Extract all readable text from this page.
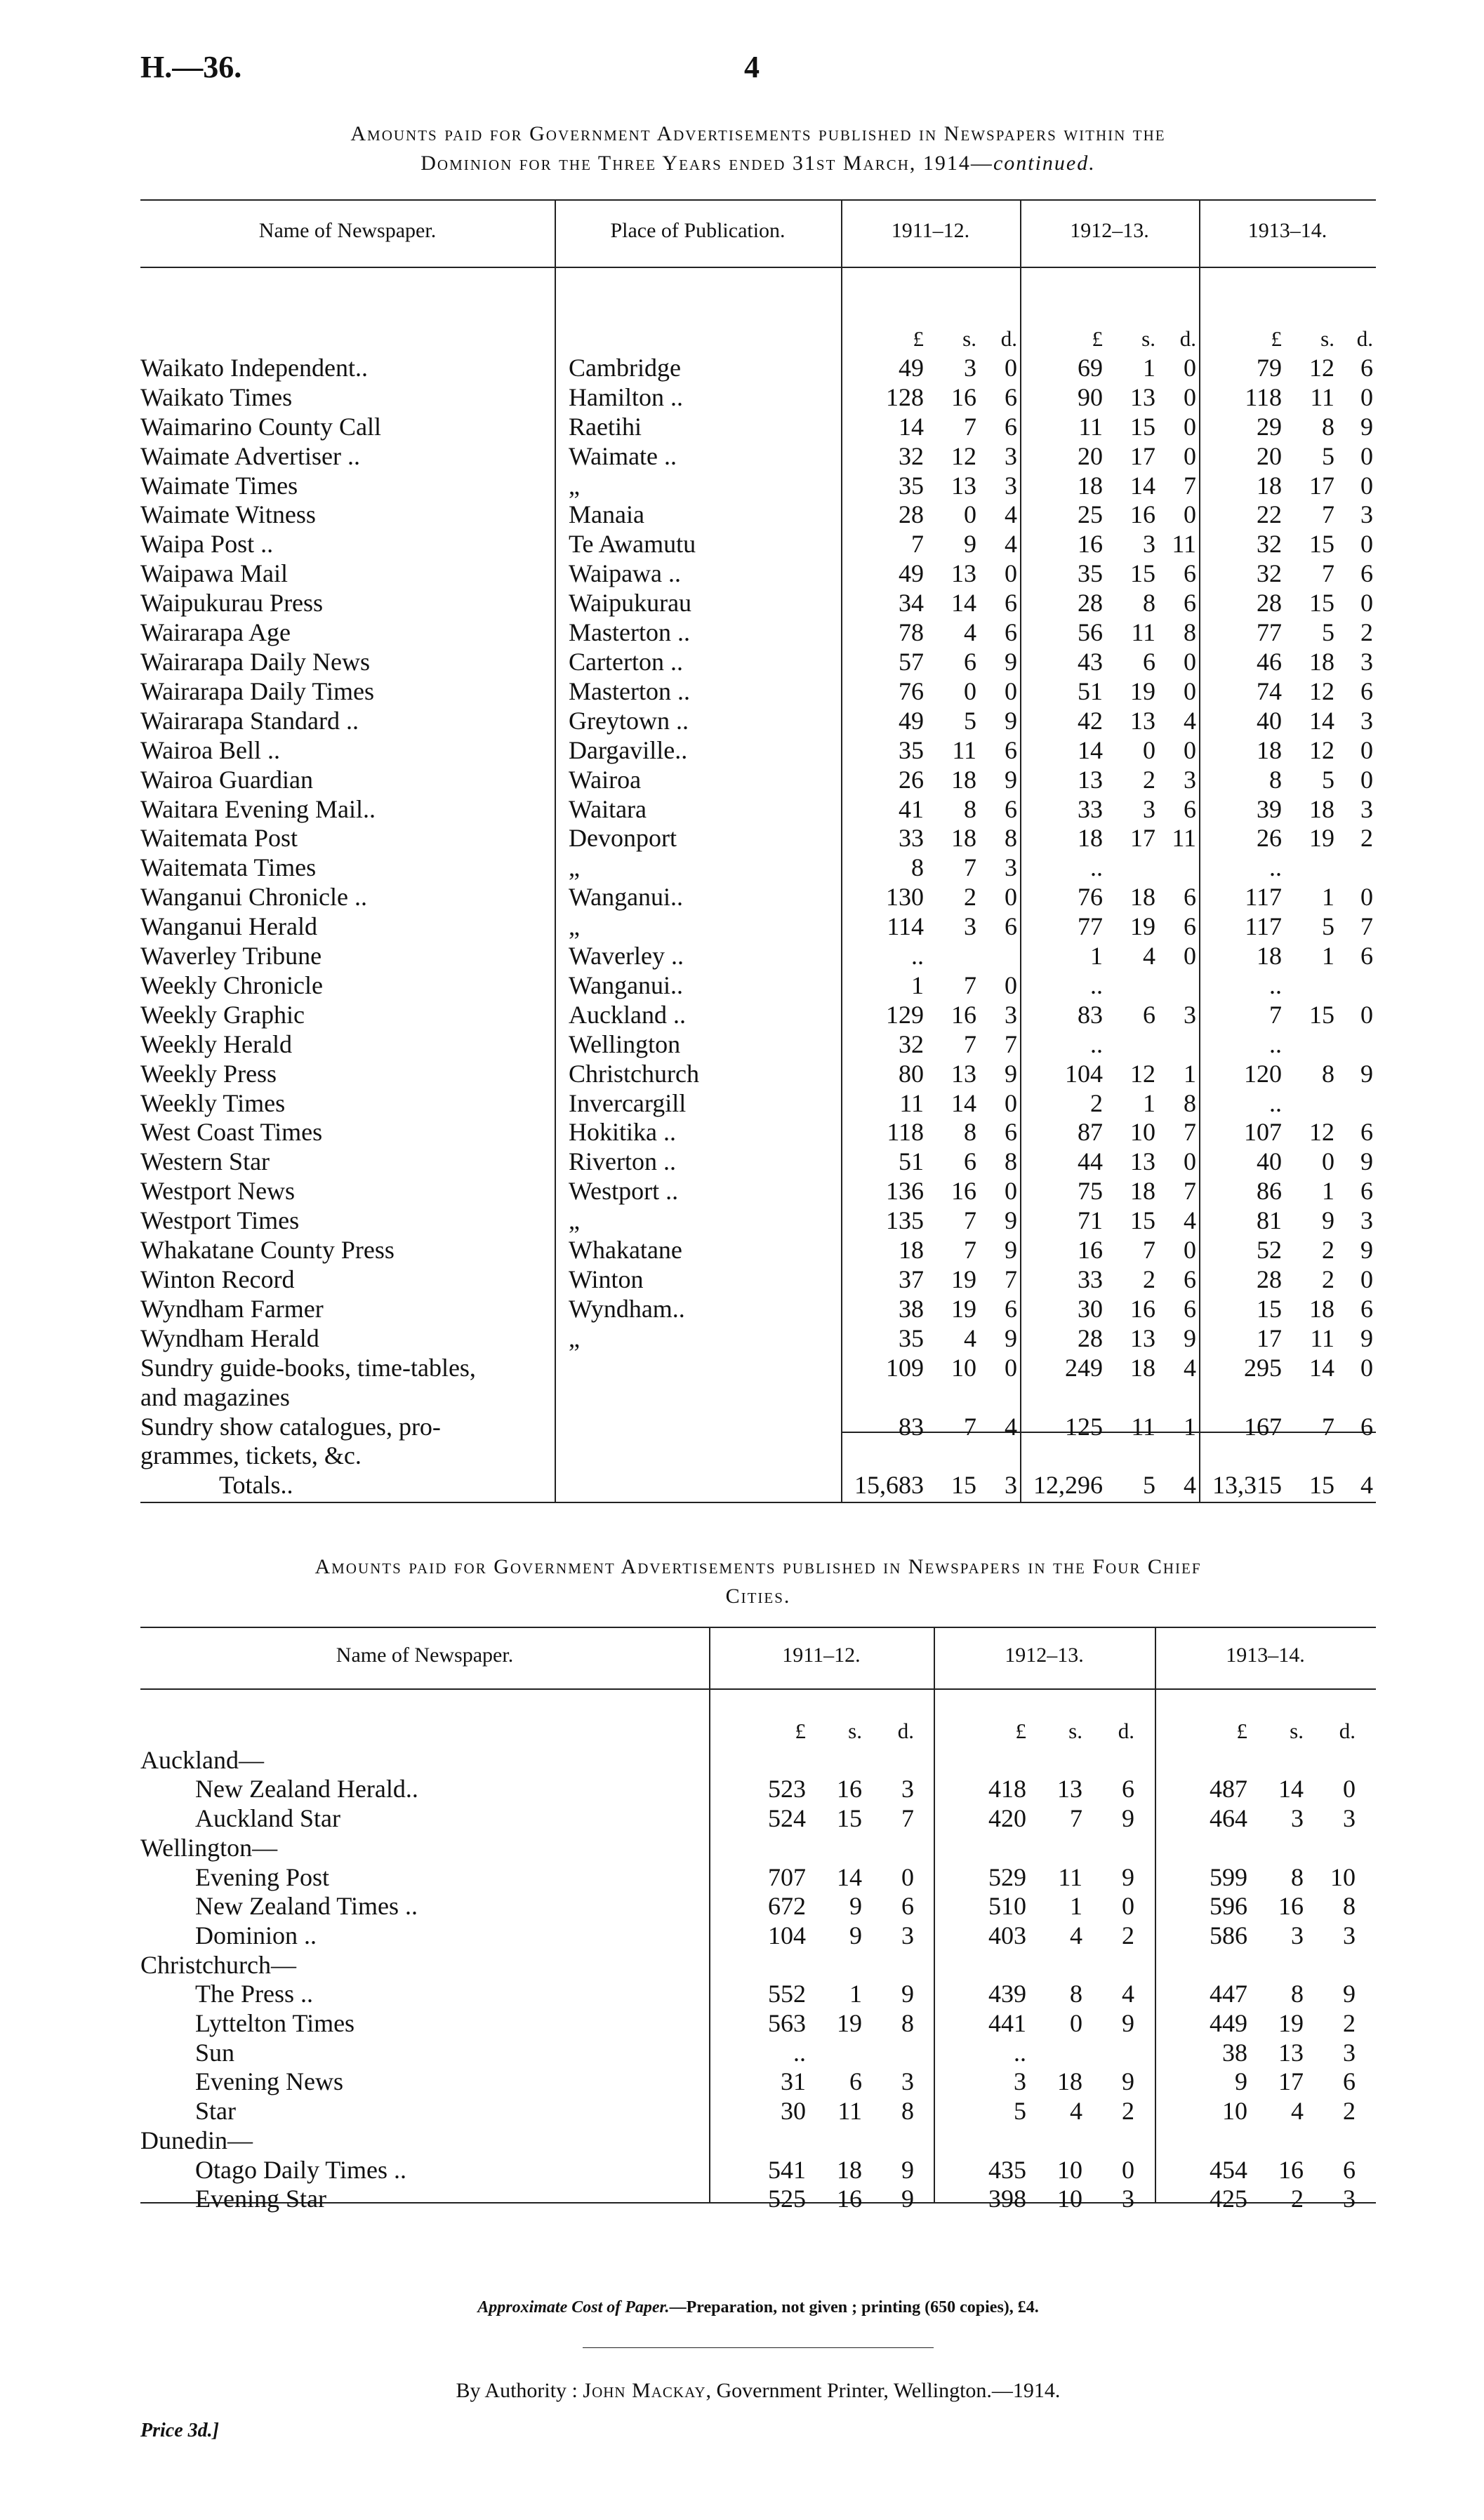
H.—36.	4
Amounts paid for Government Advertisements published in Newspapers within the
Dominion for the Three Years ended 31st March, 1914—continued.
Name of Newspaper.	Place of Publication.	1911–12.	1912–13.	1913–14.
		£	s.	d.	£	s.	d.	£	s.	d.
Waikato Independent..	Cambridge	49	3	0	69	1	0	79	12	6
Waikato Times	Hamilton ..	128	16	6	90	13	0	118	11	0
Waimarino County Call	Raetihi	14	7	6	11	15	0	29	8	9
Waimate Advertiser ..	Waimate ..	32	12	3	20	17	0	20	5	0
Waimate Times	„	35	13	3	18	14	7	18	17	0
Waimate Witness	Manaia	28	0	4	25	16	0	22	7	3
Waipa Post ..	Te Awamutu	7	9	4	16	3	11	32	15	0
Waipawa Mail	Waipawa ..	49	13	0	35	15	6	32	7	6
Waipukurau Press	Waipukurau	34	14	6	28	8	6	28	15	0
Wairarapa Age	Masterton ..	78	4	6	56	11	8	77	5	2
Wairarapa Daily News	Carterton ..	57	6	9	43	6	0	46	18	3
Wairarapa Daily Times	Masterton ..	76	0	0	51	19	0	74	12	6
Wairarapa Standard ..	Greytown ..	49	5	9	42	13	4	40	14	3
Wairoa Bell ..	Dargaville..	35	11	6	14	0	0	18	12	0
Wairoa Guardian	Wairoa	26	18	9	13	2	3	8	5	0
Waitara Evening Mail..	Waitara	41	8	6	33	3	6	39	18	3
Waitemata Post	Devonport	33	18	8	18	17	11	26	19	2
Waitemata Times	„	8	7	3	..			..		
Wanganui Chronicle ..	Wanganui..	130	2	0	76	18	6	117	1	0
Wanganui Herald	„	114	3	6	77	19	6	117	5	7
Waverley Tribune	Waverley ..	..			1	4	0	18	1	6
Weekly Chronicle	Wanganui..	1	7	0	..			..		
Weekly Graphic	Auckland ..	129	16	3	83	6	3	7	15	0
Weekly Herald	Wellington	32	7	7	..			..		
Weekly Press	Christchurch	80	13	9	104	12	1	120	8	9
Weekly Times	Invercargill	11	14	0	2	1	8	..		
West Coast Times	Hokitika ..	118	8	6	87	10	7	107	12	6
Western Star	Riverton ..	51	6	8	44	13	0	40	0	9
Westport News	Westport ..	136	16	0	75	18	7	86	1	6
Westport Times	„	135	7	9	71	15	4	81	9	3
Whakatane County Press	Whakatane	18	7	9	16	7	0	52	2	9
Winton Record	Winton	37	19	7	33	2	6	28	2	0
Wyndham Farmer	Wyndham..	38	19	6	30	16	6	15	18	6
Wyndham Herald	„	35	4	9	28	13	9	17	11	9

Sundry guide-books, time-tables,
and magazines		109	10	0	249	18	4	295	14	0

Sundry show catalogues, pro-
grammes, tickets, &c.		83	7	4	125	11	1	167	7	6
Totals..		15,683	15	3	12,296	5	4	13,315	15	4
Amounts paid for Government Advertisements published in Newspapers in the Four Chief
Cities.
Name of Newspaper.	1911–12.	1912–13.	1913–14.
	£	s.	d.		£	s.	d.		£	s.	d.	
Auckland—												
New Zealand Herald..	523	16	3		418	13	6		487	14	0	
Auckland Star	524	15	7		420	7	9		464	3	3	
Wellington—												
Evening Post	707	14	0		529	11	9		599	8	10	
New Zealand Times ..	672	9	6		510	1	0		596	16	8	
Dominion ..	104	9	3		403	4	2		586	3	3	
Christchurch—												
The Press ..	552	1	9		439	8	4		447	8	9	
Lyttelton Times	563	19	8		441	0	9		449	19	2	
Sun	..				..				38	13	3	
Evening News	31	6	3		3	18	9		9	17	6	
Star	30	11	8		5	4	2		10	4	2	
Dunedin—												
Otago Daily Times ..	541	18	9		435	10	0		454	16	6	
Evening Star	525	16	9		398	10	3		425	2	3	
Approximate Cost of Paper.—Preparation, not given ; printing (650 copies), £4.
By Authority : John Mackay, Government Printer, Wellington.—1914.
Price 3d.]
